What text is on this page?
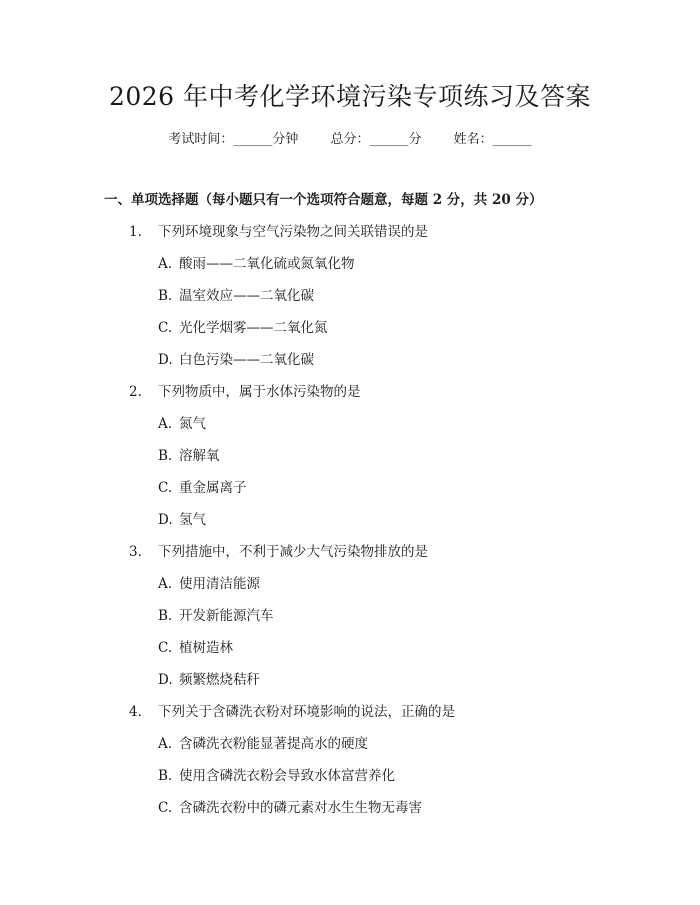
2026 年中考化学环境污染专项练习及答案
考试时间：______分钟 总分：______分 姓名：______
一、单项选择题（每小题只有一个选项符合题意，每题 2 分，共 20 分）
1. 下列环境现象与空气污染物之间关联错误的是
A. 酸雨——二氧化硫或氮氧化物
B. 温室效应——二氧化碳
C. 光化学烟雾——二氧化氮
D. 白色污染——二氧化碳
2. 下列物质中，属于水体污染物的是
A. 氮气
B. 溶解氧
C. 重金属离子
D. 氢气
3. 下列措施中，不利于减少大气污染物排放的是
A. 使用清洁能源
B. 开发新能源汽车
C. 植树造林
D. 频繁燃烧秸秆
4. 下列关于含磷洗衣粉对环境影响的说法，正确的是
A. 含磷洗衣粉能显著提高水的硬度
B. 使用含磷洗衣粉会导致水体富营养化
C. 含磷洗衣粉中的磷元素对水生生物无毒害
